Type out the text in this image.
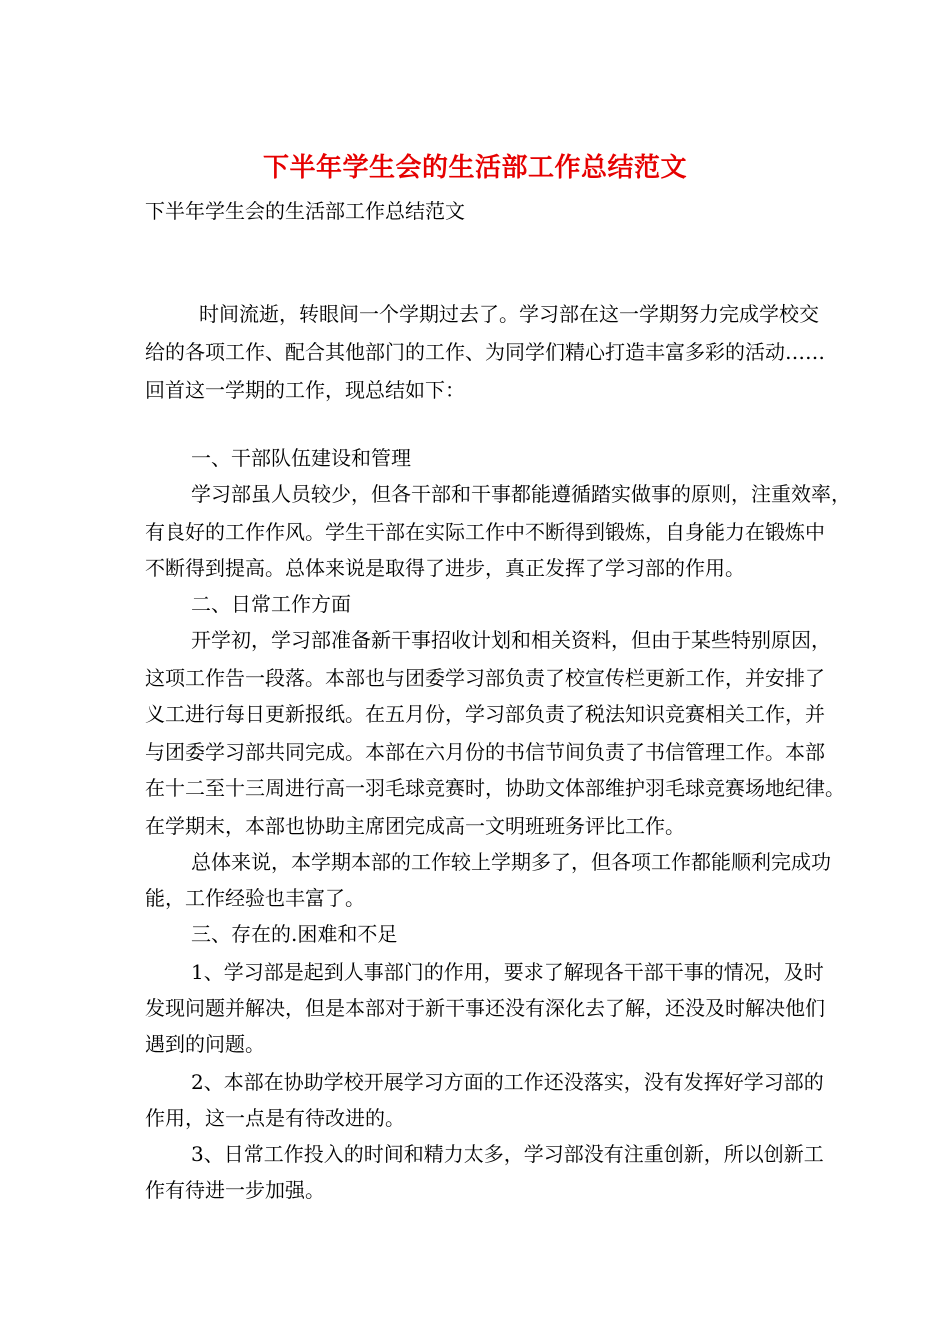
下半年学生会的生活部工作总结范文
下半年学生会的生活部工作总结范文
时间流逝，转眼间一个学期过去了。学习部在这一学期努力完成学校交
给的各项工作、配合其他部门的工作、为同学们精心打造丰富多彩的活动……
回首这一学期的工作，现总结如下：
一、干部队伍建设和管理
学习部虽人员较少，但各干部和干事都能遵循踏实做事的原则，注重效率，
有良好的工作作风。学生干部在实际工作中不断得到锻炼，自身能力在锻炼中
不断得到提高。总体来说是取得了进步，真正发挥了学习部的作用。
二、日常工作方面
开学初，学习部准备新干事招收计划和相关资料，但由于某些特别原因，
这项工作告一段落。本部也与团委学习部负责了校宣传栏更新工作，并安排了
义工进行每日更新报纸。在五月份，学习部负责了税法知识竞赛相关工作，并
与团委学习部共同完成。本部在六月份的书信节间负责了书信管理工作。本部
在十二至十三周进行高一羽毛球竞赛时，协助文体部维护羽毛球竞赛场地纪律。
在学期末，本部也协助主席团完成高一文明班班务评比工作。
总体来说，本学期本部的工作较上学期多了，但各项工作都能顺利完成功
能，工作经验也丰富了。
三、存在的.困难和不足
1、学习部是起到人事部门的作用，要求了解现各干部干事的情况，及时
发现问题并解决，但是本部对于新干事还没有深化去了解，还没及时解决他们
遇到的问题。
2、本部在协助学校开展学习方面的工作还没落实，没有发挥好学习部的
作用，这一点是有待改进的。
3、日常工作投入的时间和精力太多，学习部没有注重创新，所以创新工
作有待进一步加强。
